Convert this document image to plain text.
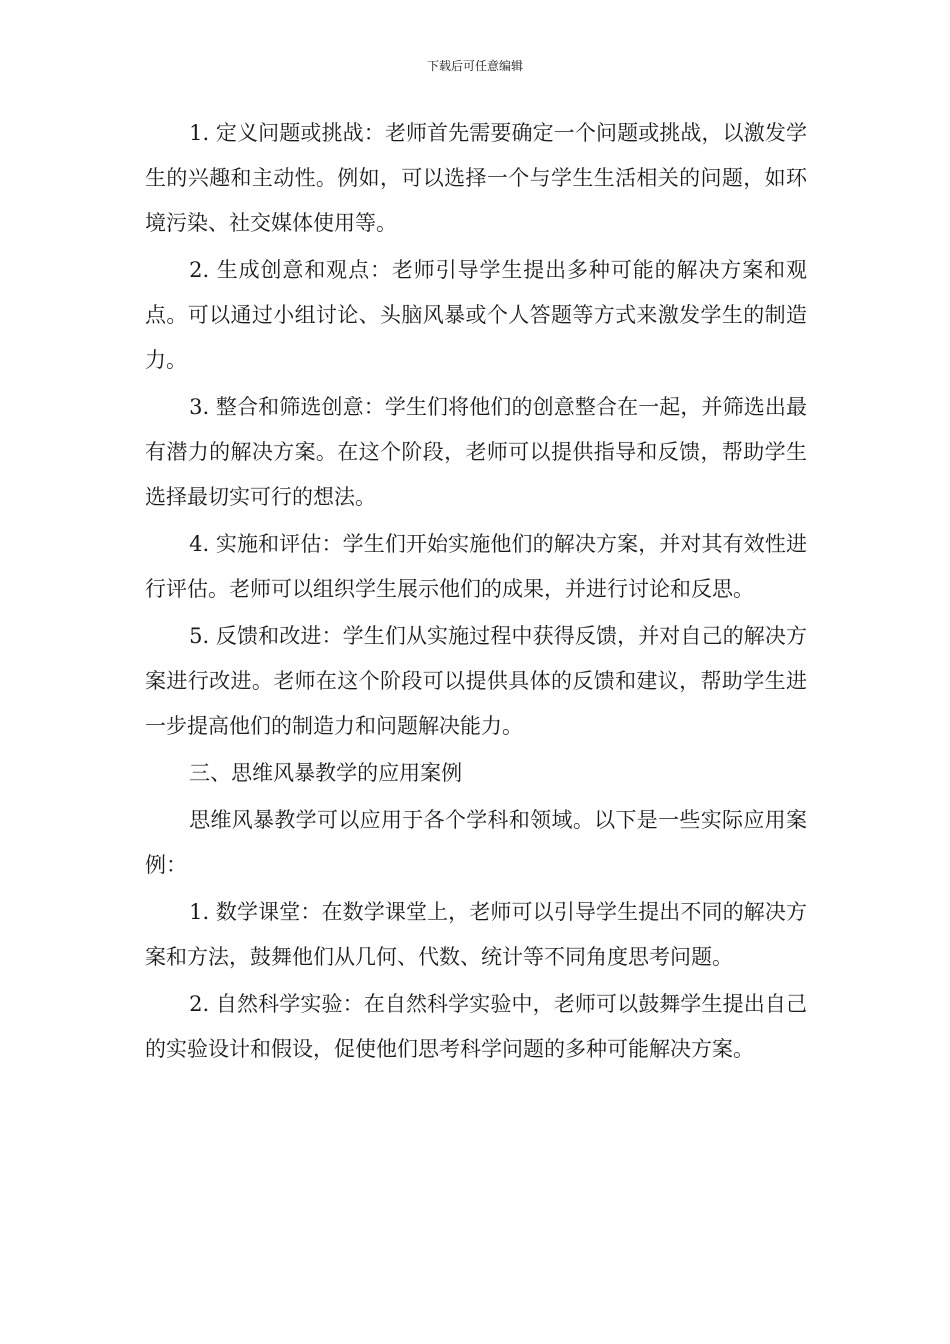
下载后可任意编辑

1. 定义问题或挑战：老师首先需要确定一个问题或挑战，以激发学生的兴趣和主动性。例如，可以选择一个与学生生活相关的问题，如环境污染、社交媒体使用等。

2. 生成创意和观点：老师引导学生提出多种可能的解决方案和观点。可以通过小组讨论、头脑风暴或个人答题等方式来激发学生的制造力。

3. 整合和筛选创意：学生们将他们的创意整合在一起，并筛选出最有潜力的解决方案。在这个阶段，老师可以提供指导和反馈，帮助学生选择最切实可行的想法。

4. 实施和评估：学生们开始实施他们的解决方案，并对其有效性进行评估。老师可以组织学生展示他们的成果，并进行讨论和反思。

5. 反馈和改进：学生们从实施过程中获得反馈，并对自己的解决方案进行改进。老师在这个阶段可以提供具体的反馈和建议，帮助学生进一步提高他们的制造力和问题解决能力。

三、思维风暴教学的应用案例

思维风暴教学可以应用于各个学科和领域。以下是一些实际应用案例：

1. 数学课堂：在数学课堂上，老师可以引导学生提出不同的解决方案和方法，鼓舞他们从几何、代数、统计等不同角度思考问题。

2. 自然科学实验：在自然科学实验中，老师可以鼓舞学生提出自己的实验设计和假设，促使他们思考科学问题的多种可能解决方案。
